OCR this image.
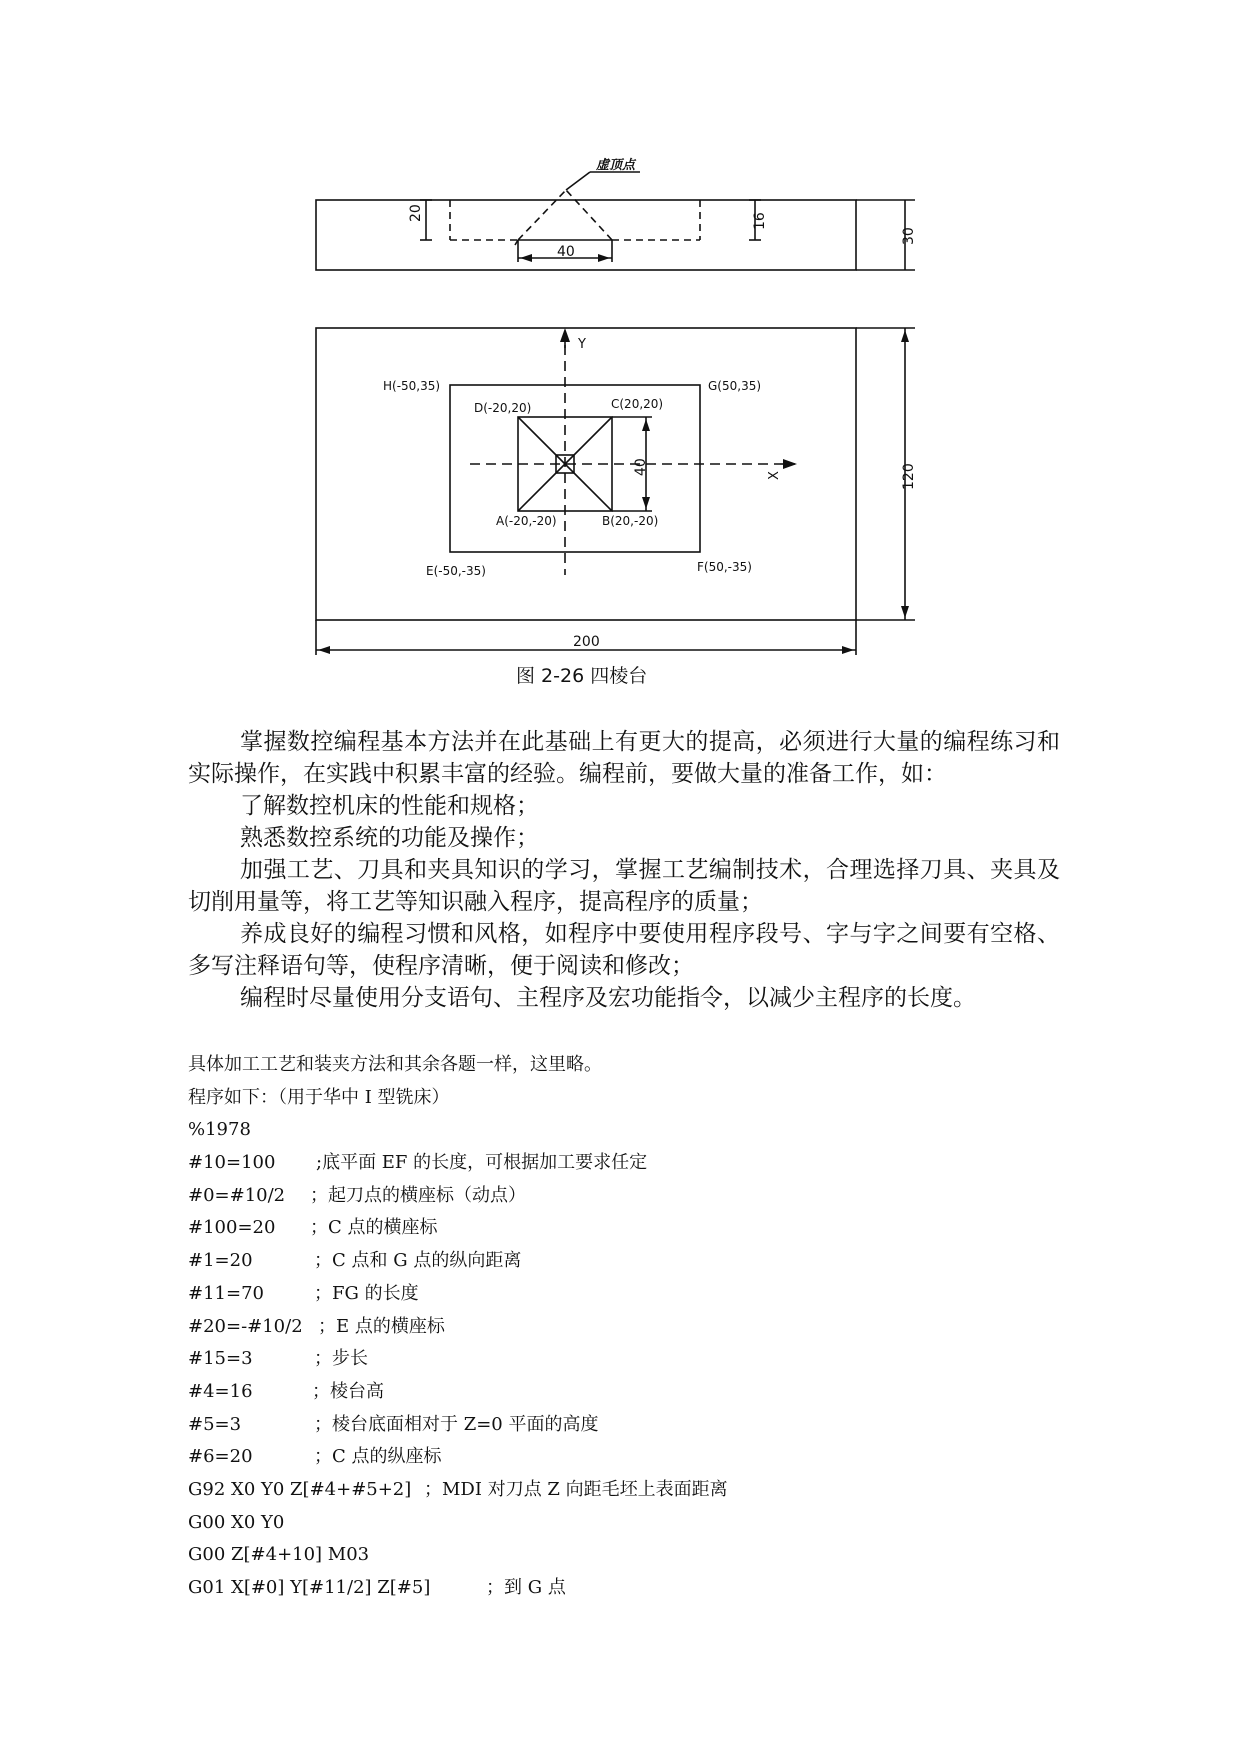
虚顶点
20
40
16
30
Y
X
H(-50,35)	G(50,35)
D(-20,20)	C(20,20)
A(-20,-20)	B(20,-20)
E(-50,-35)	F(50,-35)
40	120
200
图 2-26 四棱台

掌握数控编程基本方法并在此基础上有更大的提高，必须进行大量的编程练习和实际操作，在实践中积累丰富的经验。编程前，要做大量的准备工作，如：

了解数控机床的性能和规格；

熟悉数控系统的功能及操作；

加强工艺、刀具和夹具知识的学习，掌握工艺编制技术，合理选择刀具、夹具及切削用量等，将工艺等知识融入程序，提高程序的质量；

养成良好的编程习惯和风格，如程序中要使用程序段号、字与字之间要有空格、多写注释语句等，使程序清晰，便于阅读和修改；

编程时尽量使用分支语句、主程序及宏功能指令，以减少主程序的长度。

具体加工工艺和装夹方法和其余各题一样，这里略。
程序如下：（用于华中 I 型铣床）
%1978
#10=100 ;底平面 EF 的长度，可根据加工要求任定
#0=#10/2 ；起刀点的横座标（动点）
#100=20 ；C 点的横座标
#1=20	；C 点和 G 点的纵向距离
#11=70	；FG 的长度
#20=-#10/2 ；E 点的横座标
#15=3	；步长
#4=16	；棱台高
#5=3	；棱台底面相对于 Z=0 平面的高度
#6=20	；C 点的纵座标
G92 X0 Y0 Z[#4+#5+2] ；MDI 对刀点 Z 向距毛坯上表面距离
G00 X0 Y0
G00 Z[#4+10] M03
G01 X[#0] Y[#11/2] Z[#5]	；到 G 点
